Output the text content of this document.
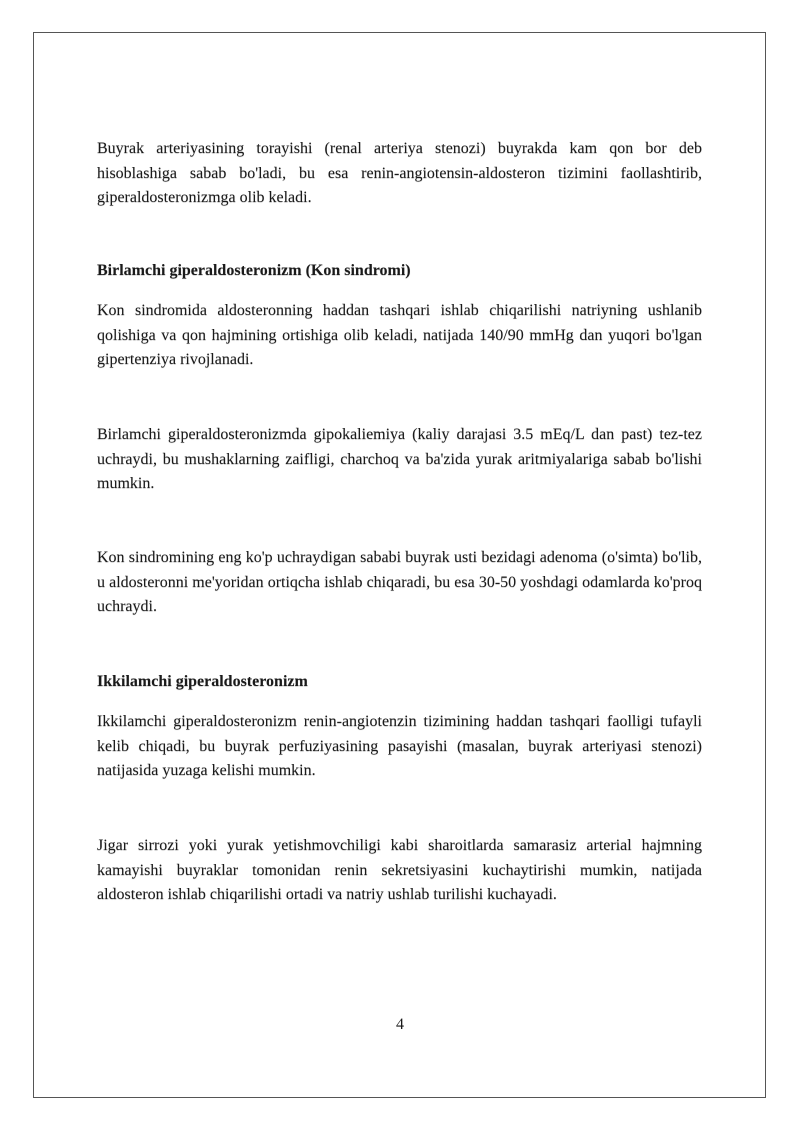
Buyrak arteriyasining torayishi (renal arteriya stenozi) buyrakda kam qon bor deb hisoblashiga sabab bo'ladi, bu esa renin-angiotensin-aldosteron tizimini faollashtirib, giperaldosteronizmga olib keladi.

Birlamchi giperaldosteronizm (Kon sindromi)

Kon sindromida aldosteronning haddan tashqari ishlab chiqarilishi natriyning ushlanib qolishiga va qon hajmining ortishiga olib keladi, natijada 140/90 mmHg dan yuqori bo'lgan gipertenziya rivojlanadi.

Birlamchi giperaldosteronizmda gipokaliemiya (kaliy darajasi 3.5 mEq/L dan past) tez-tez uchraydi, bu mushaklarning zaifligi, charchoq va ba'zida yurak aritmiyalariga sabab bo'lishi mumkin.

Kon sindromining eng ko'p uchraydigan sababi buyrak usti bezidagi adenoma (o'simta) bo'lib, u aldosteronni me'yoridan ortiqcha ishlab chiqaradi, bu esa 30-50 yoshdagi odamlarda ko'proq uchraydi.

Ikkilamchi giperaldosteronizm

Ikkilamchi giperaldosteronizm renin-angiotenzin tizimining haddan tashqari faolligi tufayli kelib chiqadi, bu buyrak perfuziyasining pasayishi (masalan, buyrak arteriyasi stenozi) natijasida yuzaga kelishi mumkin.

Jigar sirrozi yoki yurak yetishmovchiligi kabi sharoitlarda samarasiz arterial hajmning kamayishi buyraklar tomonidan renin sekretsiyasini kuchaytirishi mumkin, natijada aldosteron ishlab chiqarilishi ortadi va natriy ushlab turilishi kuchayadi.

4
